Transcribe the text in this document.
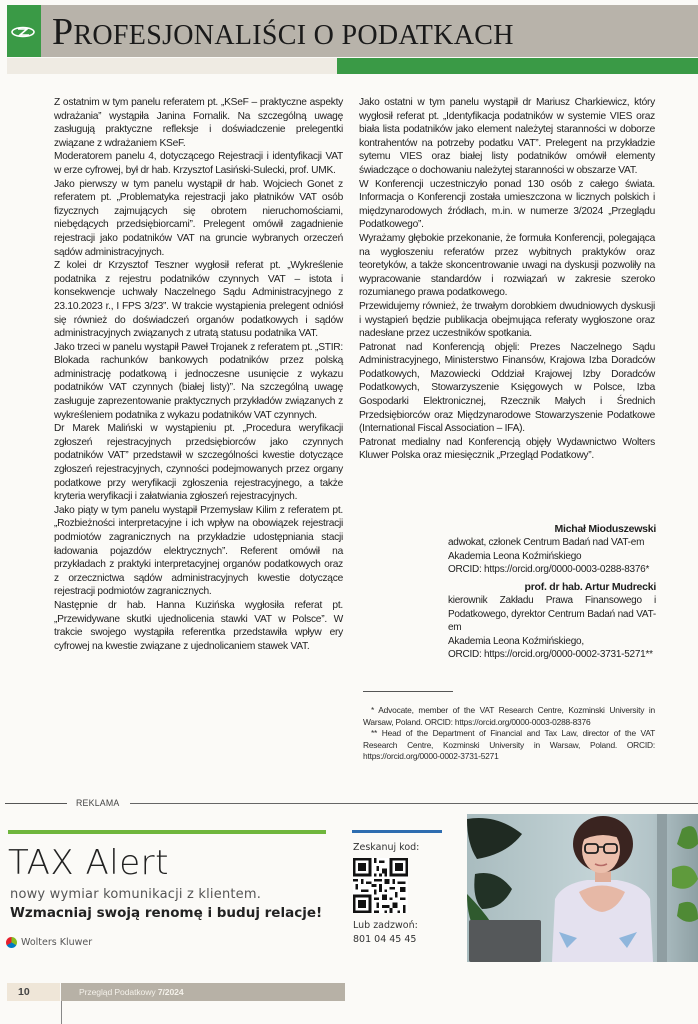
PROFESJONALIŚCI O PODATKACH

Z ostatnim w tym panelu referatem pt. „KSeF – praktyczne aspekty wdrażania” wystąpiła Janina Fornalik. Na szczególną uwagę zasługują praktyczne refleksje i doświadczenie prelegentki związane z wdrażaniem KSeF.

Moderatorem panelu 4, dotyczącego Rejestracji i identyfikacji VAT w erze cyfrowej, był dr hab. Krzysztof Lasiński-Sulecki, prof. UMK.

Jako pierwszy w tym panelu wystąpił dr hab. Wojciech Gonet z referatem pt. „Problematyka rejestracji jako płatników VAT osób fizycznych zajmujących się obrotem nieruchomościami, niebędących przedsiębiorcami”. Prelegent omówił zagadnienie rejestracji jako podatników VAT na gruncie wybranych orzeczeń sądów administracyjnych.

Z kolei dr Krzysztof Teszner wygłosił referat pt. „Wykreślenie podatnika z rejestru podatników czynnych VAT – istota i konsekwencje uchwały Naczelnego Sądu Administracyjnego z 23.10.2023 r., I FPS 3/23”. W trakcie wystąpienia prelegent odniósł się również do doświadczeń organów podatkowych i sądów administracyjnych związanych z utratą statusu podatnika VAT.

Jako trzeci w panelu wystąpił Paweł Trojanek z referatem pt. „STIR: Blokada rachunków bankowych podatników przez polską administrację podatkową i jednoczesne usunięcie z wykazu podatników VAT czynnych (białej listy)”. Na szczególną uwagę zasługuje zaprezentowanie praktycznych przykładów związanych z wykreśleniem podatnika z wykazu podatników VAT czynnych.

Dr Marek Maliński w wystąpieniu pt. „Procedura weryfikacji zgłoszeń rejestracyjnych przedsiębiorców jako czynnych podatników VAT” przedstawił w szczególności kwestie dotyczące zgłoszeń rejestracyjnych, czynności podejmowanych przez organy podatkowe przy weryfikacji zgłoszenia rejestracyjnego, a także kryteria weryfikacji i załatwiania zgłoszeń rejestracyjnych.

Jako piąty w tym panelu wystąpił Przemysław Kilim z referatem pt. „Rozbieżności interpretacyjne i ich wpływ na obowiązek rejestracji podmiotów zagranicznych na przykładzie udostępniania stacji ładowania pojazdów elektrycznych”. Referent omówił na przykładach z praktyki interpretacyjnej organów podatkowych oraz z orzecznictwa sądów administracyjnych kwestie dotyczące rejestracji podmiotów zagranicznych.

Następnie dr hab. Hanna Kuzińska wygłosiła referat pt. „Przewidywane skutki ujednolicenia stawki VAT w Polsce”. W trakcie swojego wystąpiła referentka przedstawiła wpływ ery cyfrowej na kwestie związane z ujednolicaniem stawek VAT.

Jako ostatni w tym panelu wystąpił dr Mariusz Charkiewicz, który wygłosił referat pt. „Identyfikacja podatników w systemie VIES oraz biała lista podatników jako element należytej staranności w doborze kontrahentów na potrzeby podatku VAT”. Prelegent na przykładzie sytemu VIES oraz białej listy podatników omówił elementy świadczące o dochowaniu należytej staranności w obszarze VAT.

W Konferencji uczestniczyło ponad 130 osób z całego świata. Informacja o Konferencji została umieszczona w licznych polskich i międzynarodowych źródłach, m.in. w numerze 3/2024 „Przeglądu Podatkowego”.

Wyrażamy głębokie przekonanie, że formuła Konferencji, polegająca na wygłoszeniu referatów przez wybitnych praktyków oraz teoretyków, a także skoncentrowanie uwagi na dyskusji pozwoliły na wypracowanie standardów i rozwiązań w zakresie szeroko rozumianego prawa podatkowego.

Przewidujemy również, że trwałym dorobkiem dwudniowych dyskusji i wystąpień będzie publikacja obejmująca referaty wygłoszone oraz nadesłane przez uczestników spotkania.

Patronat nad Konferencją objęli: Prezes Naczelnego Sądu Administracyjnego, Ministerstwo Finansów, Krajowa Izba Doradców Podatkowych, Mazowiecki Oddział Krajowej Izby Doradców Podatkowych, Stowarzyszenie Księgowych w Polsce, Izba Gospodarki Elektronicznej, Rzecznik Małych i Średnich Przedsiębiorców oraz Międzynarodowe Stowarzyszenie Podatkowe (International Fiscal Association – IFA).

Patronat medialny nad Konferencją objęły Wydawnictwo Wolters Kluwer Polska oraz miesięcznik „Przegląd Podatkowy”.

Michał Mioduszewski
adwokat, członek Centrum Badań nad VAT-em
Akademia Leona Koźmińskiego
ORCID: https://orcid.org/0000-0003-0288-8376*
prof. dr hab. Artur Mudrecki
kierownik Zakładu Prawa Finansowego i Podatkowego, dyrektor Centrum Badań nad VAT-em
Akademia Leona Koźmińskiego,
ORCID: https://orcid.org/0000-0002-3731-5271**
* Advocate, member of the VAT Research Centre, Kozminski University in Warsaw, Poland. ORCID: https://orcid.org/0000-0003-0288-8376
** Head of the Department of Financial and Tax Law, director of the VAT Research Centre, Kozminski University in Warsaw, Poland. ORCID: https://orcid.org/0000-0002-3731-5271
REKLAMA
TAX Alert
nowy wymiar komunikacji z klientem.
Wzmacniaj swoją renomę i buduj relacje!
Wolters Kluwer
Zeskanuj kod:
Lub zadzwoń:
801 04 45 45
10	Przegląd Podatkowy 7/2024
